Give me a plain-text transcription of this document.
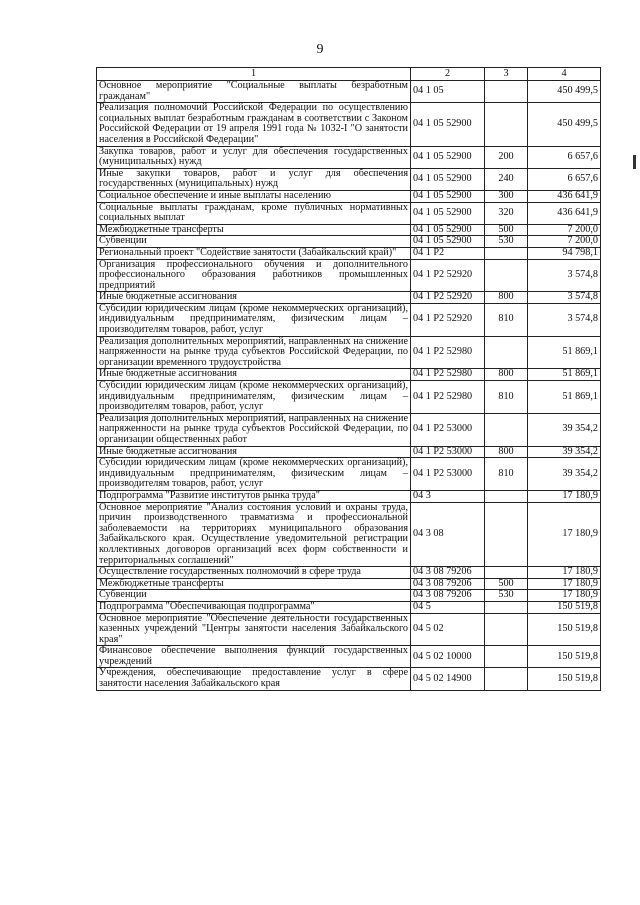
9
1	2	3	4
Основное мероприятие "Социальные выплаты безработным гражданам"	04 1 05		450 499,5
Реализация полномочий Российской Федерации по осуществлению социальных выплат безработным гражданам в соответствии с Законом Российской Федерации от 19 апреля 1991 года № 1032-I "О занятости населения в Российской Федерации"	04 1 05 52900		450 499,5
Закупка товаров, работ и услуг для обеспечения государственных (муниципальных) нужд	04 1 05 52900	200	6 657,6
Иные закупки товаров, работ и услуг для обеспечения государственных (муниципальных) нужд	04 1 05 52900	240	6 657,6
Социальное обеспечение и иные выплаты населению	04 1 05 52900	300	436 641,9
Социальные выплаты гражданам, кроме публичных нормативных социальных выплат	04 1 05 52900	320	436 641,9
Межбюджетные трансферты	04 1 05 52900	500	7 200,0
Субвенции	04 1 05 52900	530	7 200,0
Региональный проект "Содействие занятости (Забайкальский край)"	04 1 P2		94 798,1
Организация профессионального обучения и дополнительного профессионального образования работников промышленных предприятий	04 1 P2 52920		3 574,8
Иные бюджетные ассигнования	04 1 P2 52920	800	3 574,8
Субсидии юридическим лицам (кроме некоммерческих организаций), индивидуальным предпринимателям, физическим лицам – производителям товаров, работ, услуг	04 1 P2 52920	810	3 574,8
Реализация дополнительных мероприятий, направленных на снижение напряженности на рынке труда субъектов Российской Федерации, по организации временного трудоустройства	04 1 P2 52980		51 869,1
Иные бюджетные ассигнования	04 1 P2 52980	800	51 869,1
Субсидии юридическим лицам (кроме некоммерческих организаций), индивидуальным предпринимателям, физическим лицам – производителям товаров, работ, услуг	04 1 P2 52980	810	51 869,1
Реализация дополнительных мероприятий, направленных на снижение напряженности на рынке труда субъектов Российской Федерации, по организации общественных работ	04 1 P2 53000		39 354,2
Иные бюджетные ассигнования	04 1 P2 53000	800	39 354,2
Субсидии юридическим лицам (кроме некоммерческих организаций), индивидуальным предпринимателям, физическим лицам – производителям товаров, работ, услуг	04 1 P2 53000	810	39 354,2
Подпрограмма "Развитие институтов рынка труда"	04 3		17 180,9
Основное мероприятие "Анализ состояния условий и охраны труда, причин производственного травматизма и профессиональной заболеваемости на территориях муниципального образования Забайкальского края. Осуществление уведомительной регистрации коллективных договоров организаций всех форм собственности и территориальных соглашений"	04 3 08		17 180,9
Осуществление государственных полномочий в сфере труда	04 3 08 79206		17 180,9
Межбюджетные трансферты	04 3 08 79206	500	17 180,9
Субвенции	04 3 08 79206	530	17 180,9
Подпрограмма "Обеспечивающая подпрограмма"	04 5		150 519,8
Основное мероприятие "Обеспечение деятельности государственных казенных учреждений "Центры занятости населения Забайкальского края"	04 5 02		150 519,8
Финансовое обеспечение выполнения функций государственных учреждений	04 5 02 10000		150 519,8
Учреждения, обеспечивающие предоставление услуг в сфере занятости населения Забайкальского края	04 5 02 14900		150 519,8
